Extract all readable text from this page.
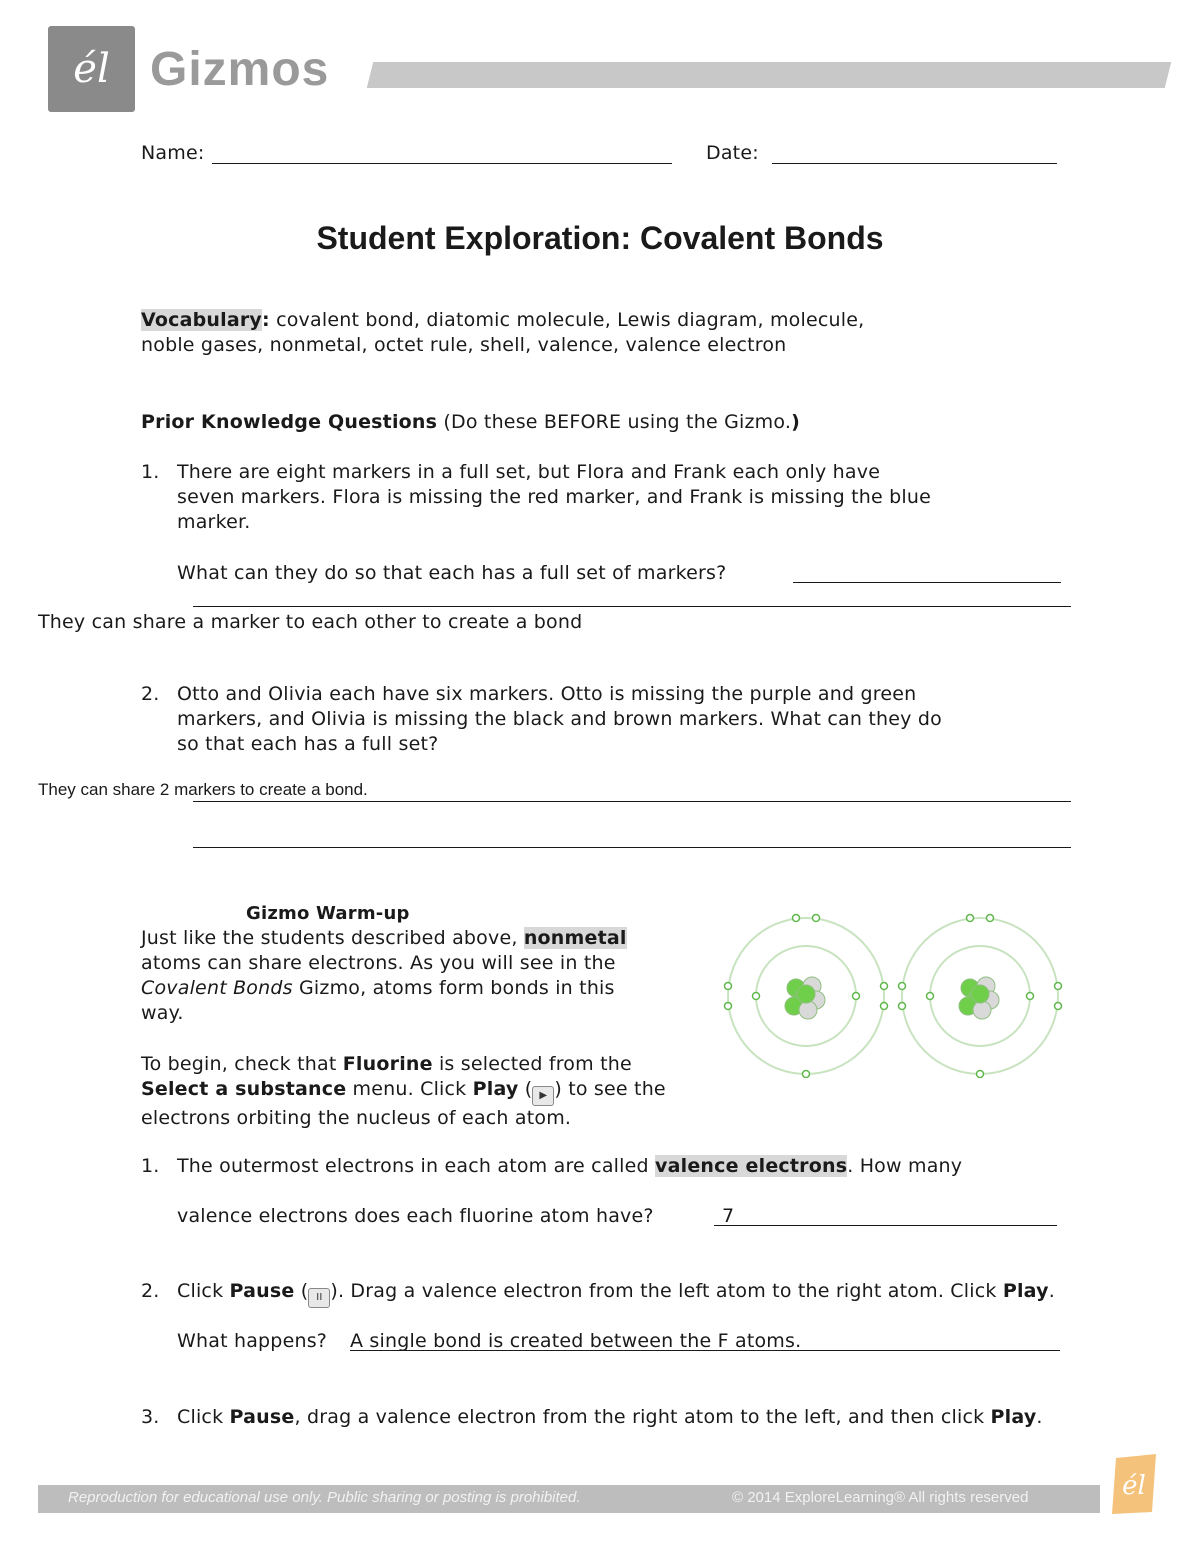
él Gizmos
Name:	Date:
Student Exploration: Covalent Bonds
Vocabulary: covalent bond, diatomic molecule, Lewis diagram, molecule,
noble gases, nonmetal, octet rule, shell, valence, valence electron
Prior Knowledge Questions (Do these BEFORE using the Gizmo.)
1. There are eight markers in a full set, but Flora and Frank each only have
seven markers. Flora is missing the red marker, and Frank is missing the blue
marker.
What can they do so that each has a full set of markers?
They can share a marker to each other to create a bond
2. Otto and Olivia each have six markers. Otto is missing the purple and green
markers, and Olivia is missing the black and brown markers. What can they do
so that each has a full set?
They can share 2 markers to create a bond.
Gizmo Warm-up
Just like the students described above, nonmetal
atoms can share electrons. As you will see in the
Covalent Bonds Gizmo, atoms form bonds in this
way.
To begin, check that Fluorine is selected from the
Select a substance menu. Click Play ( ▶ ) to see the
electrons orbiting the nucleus of each atom.
1. The outermost electrons in each atom are called valence electrons. How many
valence electrons does each fluorine atom have?	7
2. Click Pause ( II ). Drag a valence electron from the left atom to the right atom. Click Play.
What happens? A single bond is created between the F atoms.
3. Click Pause, drag a valence electron from the right atom to the left, and then click Play.
Reproduction for educational use only. Public sharing or posting is prohibited.	© 2014 ExploreLearning® All rights reserved	él
